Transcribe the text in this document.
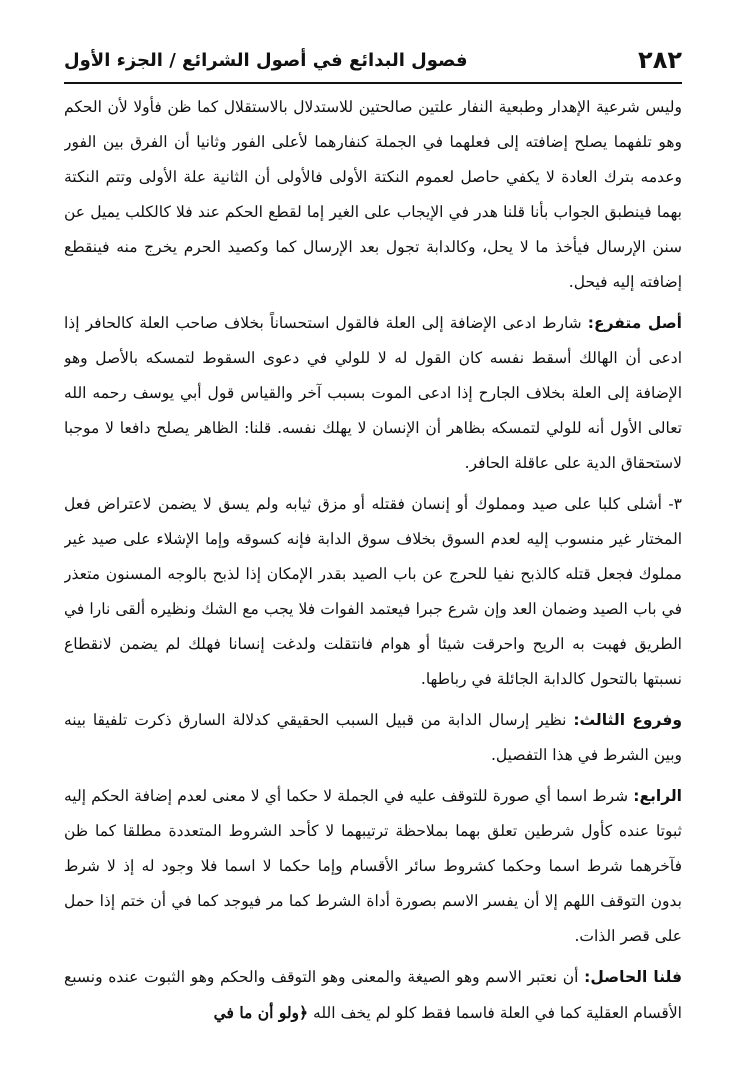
٢٨٢
فصول البدائع في أصول الشرائع / الجزء الأول

وليس شرعية الإهدار وطبعية النفار علتين صالحتين للاستدلال بالاستقلال كما ظن فأولا لأن الحكم وهو تلفهما يصلح إضافته إلى فعلهما في الجملة كنفارهما لأعلى الفور وثانيا أن الفرق بين الفور وعدمه بترك العادة لا يكفي حاصل لعموم النكتة الأولى فالأولى أن الثانية علة الأولى وتتم النكتة بهما فينطبق الجواب بأنا قلنا هدر في الإيجاب على الغير إما لقطع الحكم عند فلا كالكلب يميل عن سنن الإرسال فيأخذ ما لا يحل، وكالدابة تجول بعد الإرسال كما وكصيد الحرم يخرج منه فينقطع إضافته إليه فيحل.

أصل متفرع: شارط ادعى الإضافة إلى العلة فالقول استحساناً بخلاف صاحب العلة كالحافر إذا ادعى أن الهالك أسقط نفسه كان القول له لا للولي في دعوى السقوط لتمسكه بالأصل وهو الإضافة إلى العلة بخلاف الجارح إذا ادعى الموت بسبب آخر والقياس قول أبي يوسف رحمه الله تعالى الأول أنه للولي لتمسكه بظاهر أن الإنسان لا يهلك نفسه. قلنا: الظاهر يصلح دافعا لا موجبا لاستحقاق الدية على عاقلة الحافر.

٣- أشلى كلبا على صيد ومملوك أو إنسان فقتله أو مزق ثيابه ولم يسق لا يضمن لاعتراض فعل المختار غير منسوب إليه لعدم السوق بخلاف سوق الدابة فإنه كسوقه وإما الإشلاء على صيد غير مملوك فجعل قتله كالذبح نفيا للحرج عن باب الصيد بقدر الإمكان إذا لذبح بالوجه المسنون متعذر في باب الصيد وضمان العد وإن شرع جبرا فيعتمد الفوات فلا يجب مع الشك ونظيره ألقى نارا في الطريق فهبت به الريح واحرقت شيئا أو هوام فانتقلت ولدغت إنسانا فهلك لم يضمن لانقطاع نسبتها بالتحول كالدابة الجائلة في رباطها.

وفروع الثالث: نظير إرسال الدابة من قبيل السبب الحقيقي كدلالة السارق ذكرت تلفيقا بينه وبين الشرط في هذا التفصيل.

الرابع: شرط اسما أي صورة للتوقف عليه في الجملة لا حكما أي لا معنى لعدم إضافة الحكم إليه ثبوتا عنده كأول شرطين تعلق بهما بملاحظة ترتيبهما لا كأحد الشروط المتعددة مطلقا كما ظن فآخرهما شرط اسما وحكما كشروط سائر الأقسام وإما حكما لا اسما فلا وجود له إذ لا شرط بدون التوقف اللهم إلا أن يفسر الاسم بصورة أداة الشرط كما مر فيوجد كما في أن ختم إذا حمل على قصر الذات.

فلنا الحاصل: أن نعتبر الاسم وهو الصيغة والمعنى وهو التوقف والحكم وهو الثبوت عنده ونسبع الأقسام العقلية كما في العلة فاسما فقط كلو لم يخف الله ﴿ولو أن ما في
